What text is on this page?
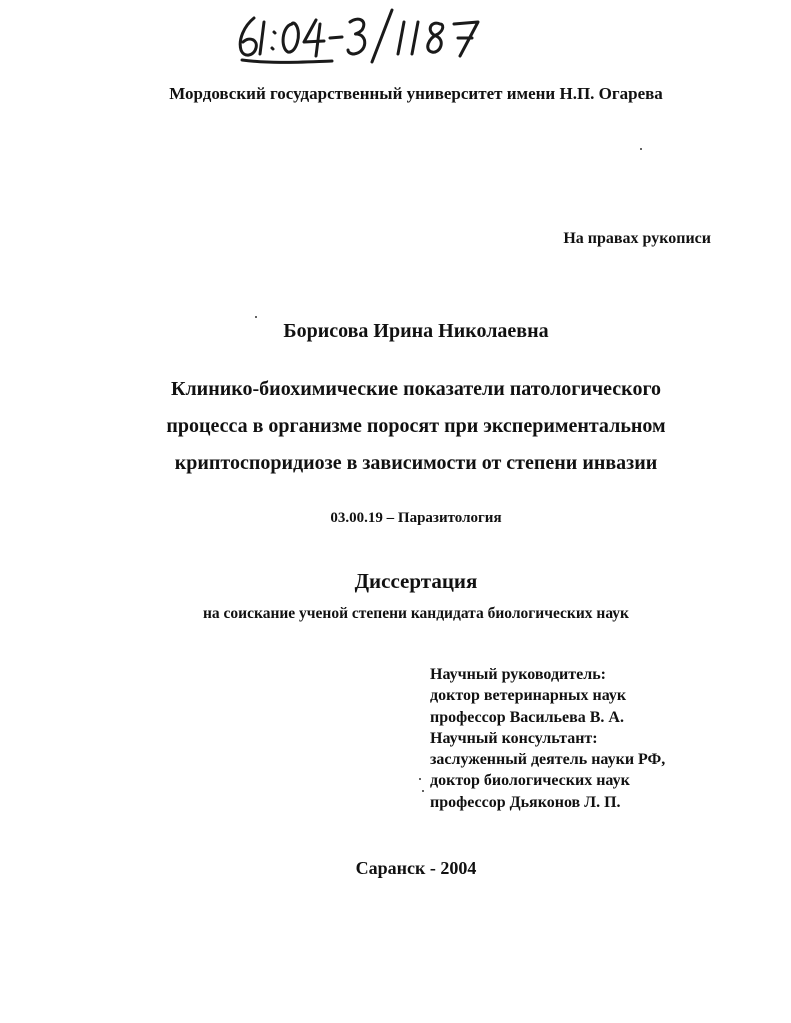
Мордовский государственный университет имени Н.П. Огарева
На правах рукописи
Борисова Ирина Николаевна
Клинико-биохимические показатели патологического
процесса в организме поросят при экспериментальном
криптоспоридиозе в зависимости от степени инвазии
03.00.19 – Паразитология
Диссертация
на соискание ученой степени кандидата биологических наук
Научный руководитель:
доктор ветеринарных наук
профессор Васильева В. А.
Научный консультант:
заслуженный деятель науки РФ,
доктор биологических наук
профессор Дьяконов Л. П.
Саранск - 2004
